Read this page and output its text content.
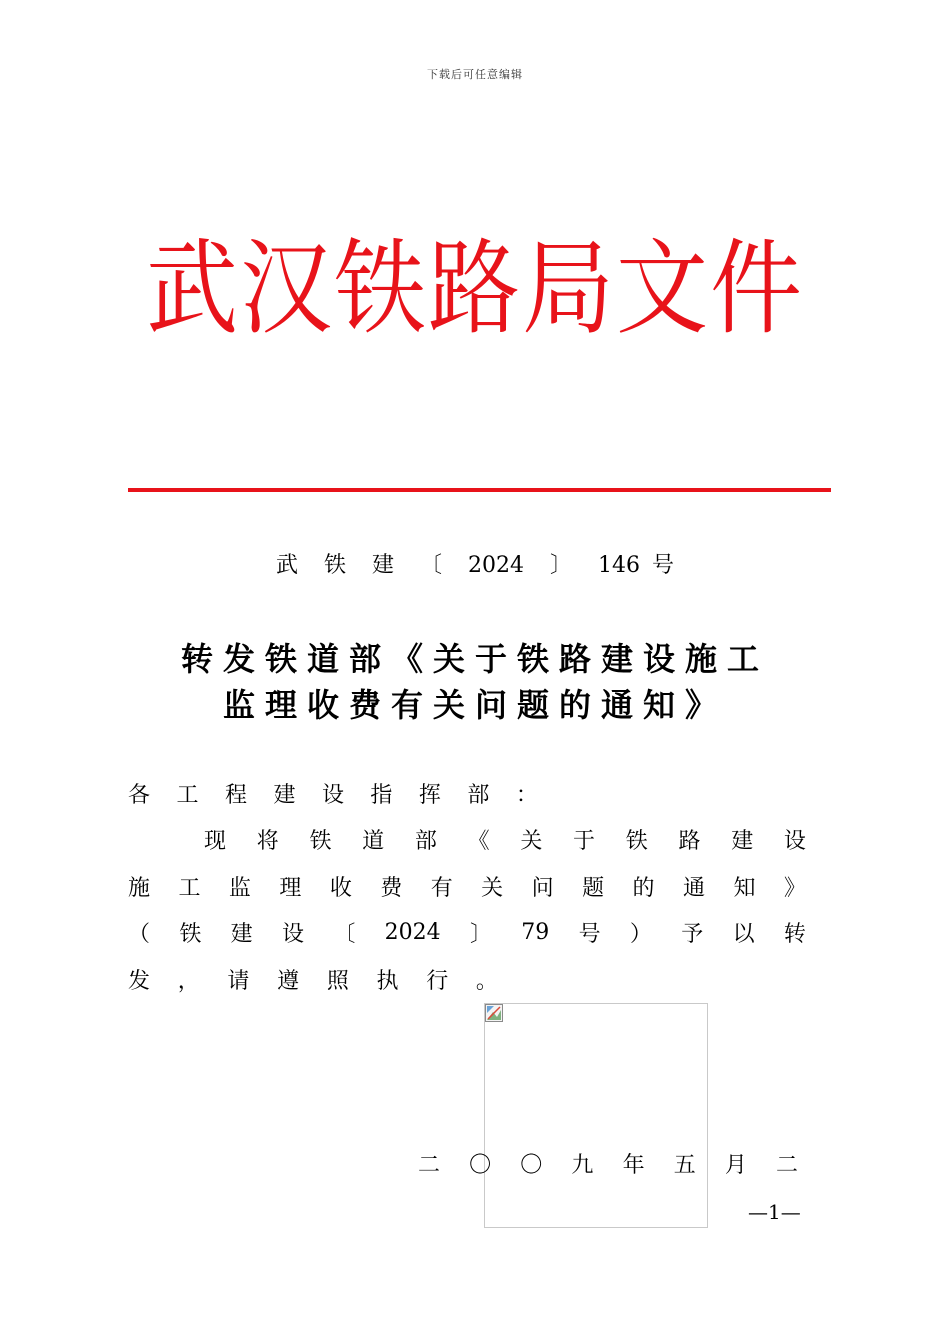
下载后可任意编辑
武汉铁路局文件
武 铁 建 〔 2024 〕 146 号
转发铁道部《关于铁路建设施工
监理收费有关问题的通知》
各 工 程 建 设 指 挥 部 ：
现 将 铁 道 部 《 关 于 铁 路 建 设
施 工 监 理 收 费 有 关 问 题 的 通 知 》
（ 铁 建 设 〔 2024 〕 79 号 ） 予 以 转
发 ， 请 遵 照 执 行 。
二 〇 〇 九 年 五 月 二
—1—
